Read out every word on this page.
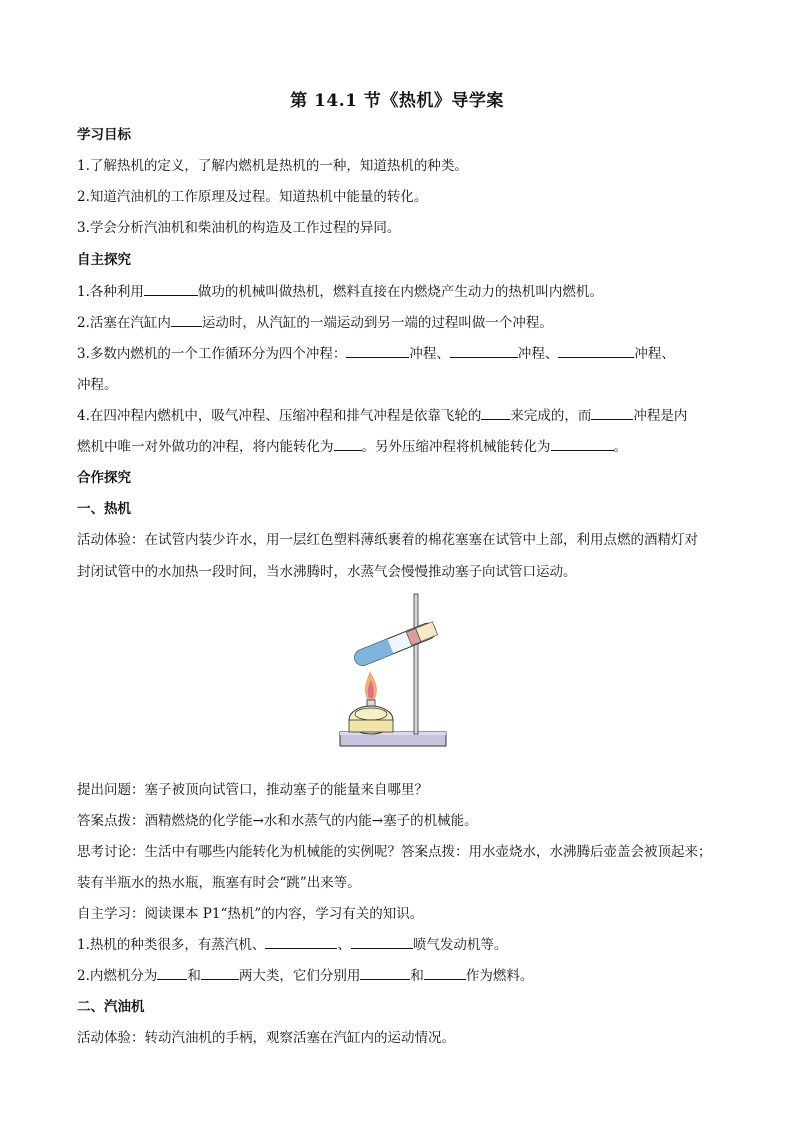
第 14.1 节《热机》导学案
学习目标
1.了解热机的定义，了解内燃机是热机的一种，知道热机的种类。
2.知道汽油机的工作原理及过程。知道热机中能量的转化。
3.学会分析汽油机和柴油机的构造及工作过程的异同。
自主探究
1.各种利用	做功的机械叫做热机，燃料直接在内燃烧产生动力的热机叫内燃机。
2.活塞在汽缸内 运动时，从汽缸的一端运动到另一端的过程叫做一个冲程。
3.多数内燃机的一个工作循环分为四个冲程：	冲程、	冲程、	冲程、
冲程。
4.在四冲程内燃机中，吸气冲程、压缩冲程和排气冲程是依靠飞轮的 来完成的，而	冲程是内
燃机中唯一对外做功的冲程，将内能转化为 。另外压缩冲程将机械能转化为	。
合作探究
一、热机
活动体验：在试管内装少许水，用一层红色塑料薄纸裹着的棉花塞塞在试管中上部，利用点燃的酒精灯对
封闭试管中的水加热一段时间，当水沸腾时，水蒸气会慢慢推动塞子向试管口运动。
提出问题：塞子被顶向试管口，推动塞子的能量来自哪里？
答案点拨：酒精燃烧的化学能→水和水蒸气的内能→塞子的机械能。
思考讨论：生活中有哪些内能转化为机械能的实例呢？答案点拨：用水壶烧水，水沸腾后壶盖会被顶起来；
装有半瓶水的热水瓶，瓶塞有时会“跳”出来等。
自主学习：阅读课本 P1“热机”的内容，学习有关的知识。
1.热机的种类很多，有蒸汽机、	、	喷气发动机等。
2.内燃机分为 和	两大类，它们分别用	和	作为燃料。
二、汽油机
活动体验：转动汽油机的手柄，观察活塞在汽缸内的运动情况。
